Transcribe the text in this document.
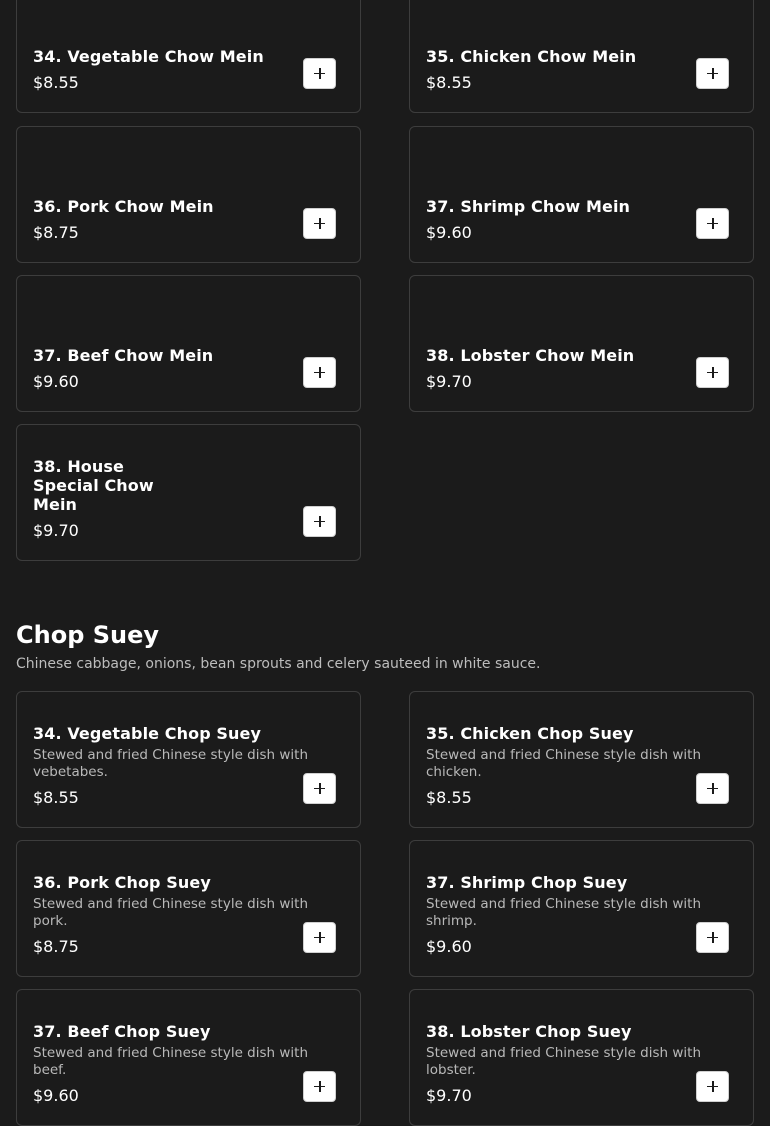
34. Vegetable Chow Mein
$8.55
35. Chicken Chow Mein
$8.55
36. Pork Chow Mein
$8.75
37. Shrimp Chow Mein
$9.60
37. Beef Chow Mein
$9.60
38. Lobster Chow Mein
$9.70
38. House Special Chow Mein
$9.70
Chop Suey
Chinese cabbage, onions, bean sprouts and celery sauteed in white sauce.
34. Vegetable Chop Suey
Stewed and fried Chinese style dish with vebetabes.
$8.55
35. Chicken Chop Suey
Stewed and fried Chinese style dish with chicken.
$8.55
36. Pork Chop Suey
Stewed and fried Chinese style dish with pork.
$8.75
37. Shrimp Chop Suey
Stewed and fried Chinese style dish with shrimp.
$9.60
37. Beef Chop Suey
Stewed and fried Chinese style dish with beef.
$9.60
38. Lobster Chop Suey
Stewed and fried Chinese style dish with lobster.
$9.70
